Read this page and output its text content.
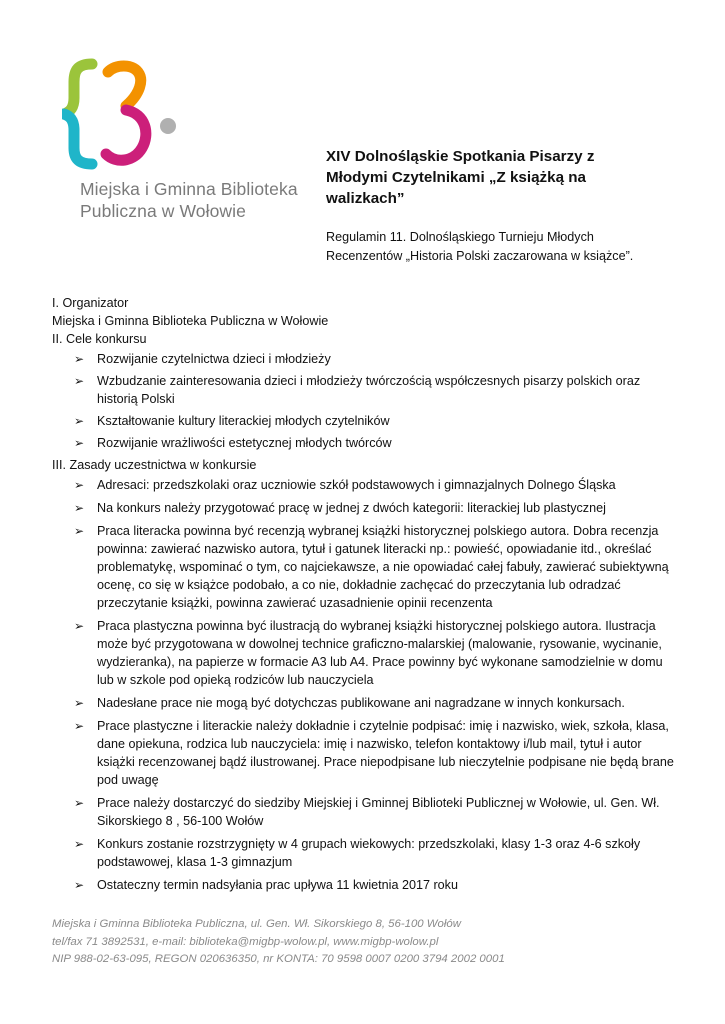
Miejska i Gminna Biblioteka
Publiczna w Wołowie
XIV Dolnośląskie Spotkania Pisarzy z Młodymi Czytelnikami „Z książką na walizkach”
Regulamin 11. Dolnośląskiego Turnieju Młodych Recenzentów „Historia Polski zaczarowana w książce”.

I. Organizator

Miejska i Gminna Biblioteka Publiczna w Wołowie

II. Cele konkursu

➢ Rozwijanie czytelnictwa dzieci i młodzieży
➢ Wzbudzanie zainteresowania dzieci i młodzieży twórczością współczesnych pisarzy polskich oraz historią Polski
➢ Kształtowanie kultury literackiej młodych czytelników
➢ Rozwijanie wrażliwości estetycznej młodych twórców

III. Zasady uczestnictwa w konkursie

➢ Adresaci: przedszkolaki oraz uczniowie szkół podstawowych i gimnazjalnych Dolnego Śląska
➢ Na konkurs należy przygotować pracę w jednej z dwóch kategorii: literackiej lub plastycznej
➢ Praca literacka powinna być recenzją wybranej książki historycznej polskiego autora. Dobra recenzja powinna: zawierać nazwisko autora, tytuł i gatunek literacki np.: powieść, opowiadanie itd., określać problematykę, wspominać o tym, co najciekawsze, a nie opowiadać całej fabuły, zawierać subiektywną ocenę, co się w książce podobało, a co nie, dokładnie zachęcać do przeczytania lub odradzać przeczytanie książki, powinna zawierać uzasadnienie opinii recenzenta
➢ Praca plastyczna powinna być ilustracją do wybranej książki historycznej polskiego autora. Ilustracja może być przygotowana w dowolnej technice graficzno-malarskiej (malowanie, rysowanie, wycinanie, wydzieranka), na papierze w formacie A3 lub A4. Prace powinny być wykonane samodzielnie w domu lub w szkole pod opieką rodziców lub nauczyciela
➢ Nadesłane prace nie mogą być dotychczas publikowane ani nagradzane w innych konkursach.
➢ Prace plastyczne i literackie należy dokładnie i czytelnie podpisać: imię i nazwisko, wiek, szkoła, klasa, dane opiekuna, rodzica lub nauczyciela: imię i nazwisko, telefon kontaktowy i/lub mail, tytuł i autor książki recenzowanej bądź ilustrowanej. Prace niepodpisane lub nieczytelnie podpisane nie będą brane pod uwagę
➢ Prace należy dostarczyć do siedziby Miejskiej i Gminnej Biblioteki Publicznej w Wołowie, ul. Gen. Wł. Sikorskiego 8 , 56-100 Wołów
➢ Konkurs zostanie rozstrzygnięty w 4 grupach wiekowych: przedszkolaki, klasy 1-3 oraz 4-6 szkoły podstawowej, klasa 1-3 gimnazjum
➢ Ostateczny termin nadsyłania prac upływa 11 kwietnia 2017 roku
Miejska i Gminna Biblioteka Publiczna, ul. Gen. Wł. Sikorskiego 8, 56-100 Wołów
tel/fax 71 3892531, e-mail: biblioteka@migbp-wolow.pl, www.migbp-wolow.pl
NIP 988-02-63-095, REGON 020636350, nr KONTA: 70 9598 0007 0200 3794 2002 0001
